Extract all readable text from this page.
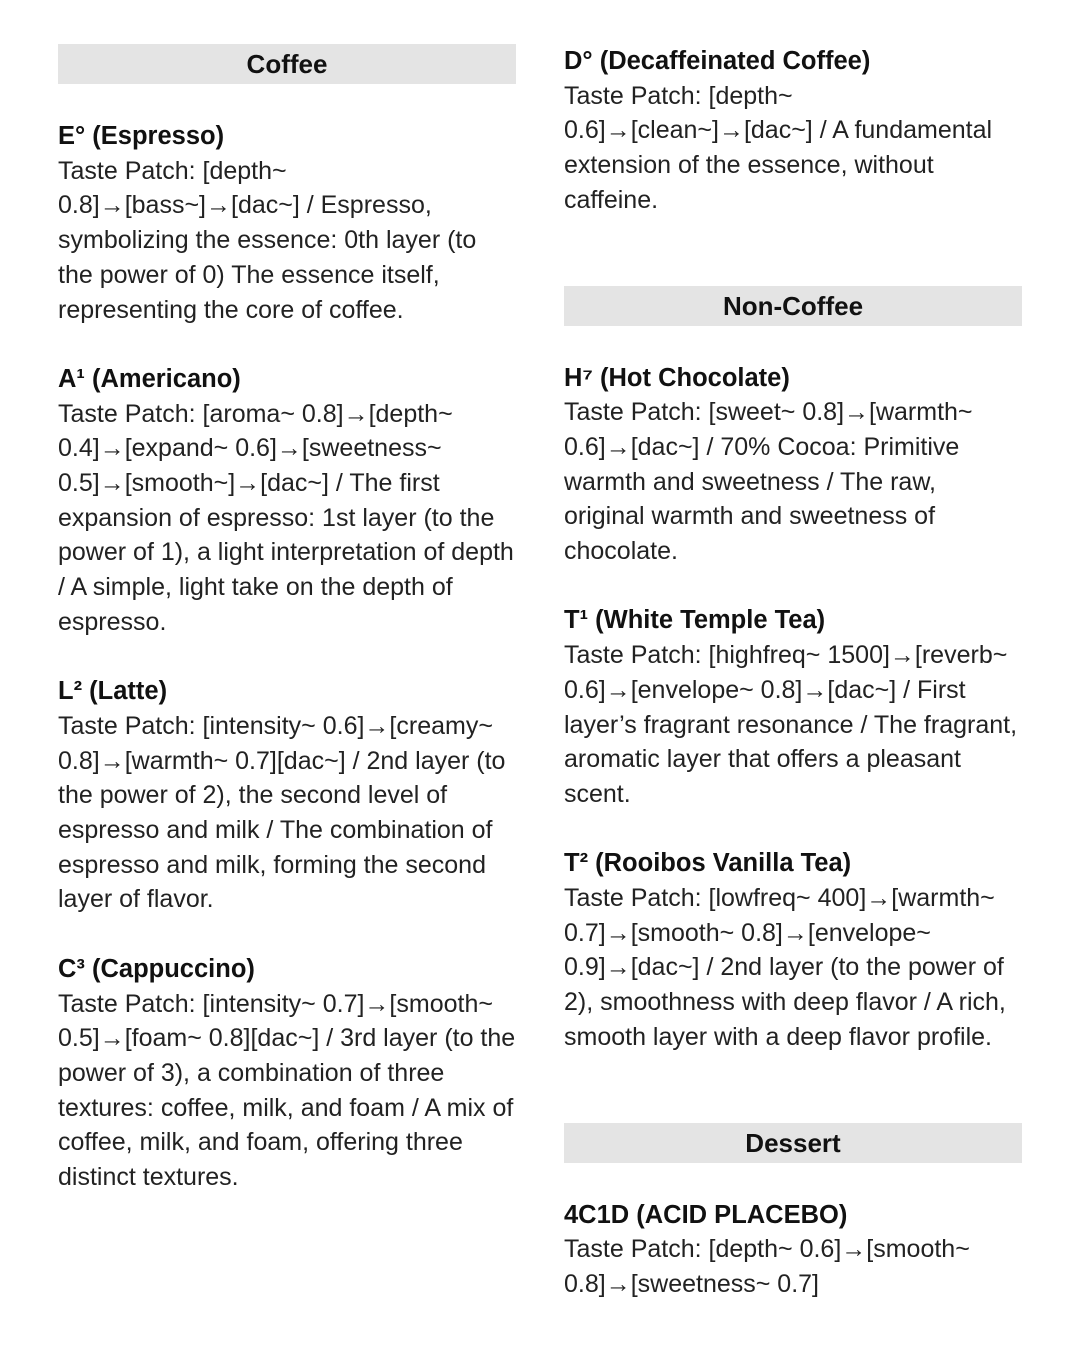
Coffee
E° (Espresso)
Taste Patch: [depth~ 0.8]→[bass~]→[dac~] / Espresso, symbolizing the essence: 0th layer (to the power of 0) The essence itself, representing the core of coffee.
A¹ (Americano)
Taste Patch: [aroma~ 0.8]→[depth~ 0.4]→[expand~ 0.6]→[sweetness~ 0.5]→[smooth~]→[dac~] / The first expansion of espresso: 1st layer (to the power of 1), a light interpretation of depth / A simple, light take on the depth of espresso.
L² (Latte)
Taste Patch: [intensity~ 0.6]→[creamy~ 0.8]→[warmth~ 0.7][dac~] / 2nd layer (to the power of 2), the second level of espresso and milk / The combination of espresso and milk, forming the second layer of flavor.
C³ (Cappuccino)
Taste Patch: [intensity~ 0.7]→[smooth~ 0.5]→[foam~ 0.8][dac~] / 3rd layer (to the power of 3), a combination of three textures: coffee, milk, and foam / A mix of coffee, milk, and foam, offering three distinct textures.
D° (Decaffeinated Coffee)
Taste Patch: [depth~ 0.6]→[clean~]→[dac~] / A fundamental extension of the essence, without caffeine.
Non-Coffee
H⁷ (Hot Chocolate)
Taste Patch: [sweet~ 0.8]→[warmth~ 0.6]→[dac~] / 70% Cocoa: Primitive warmth and sweetness / The raw, original warmth and sweetness of chocolate.
T¹ (White Temple Tea)
Taste Patch: [highfreq~ 1500]→[reverb~ 0.6]→[envelope~ 0.8]→[dac~] / First layer’s fragrant resonance / The fragrant, aromatic layer that offers a pleasant scent.
T² (Rooibos Vanilla Tea)
Taste Patch: [lowfreq~ 400]→[warmth~ 0.7]→[smooth~ 0.8]→[envelope~ 0.9]→[dac~] / 2nd layer (to the power of 2), smoothness with deep flavor / A rich, smooth layer with a deep flavor profile.
Dessert
4C1D (ACID PLACEBO)
Taste Patch: [depth~ 0.6]→[smooth~ 0.8]→[sweetness~ 0.7]
